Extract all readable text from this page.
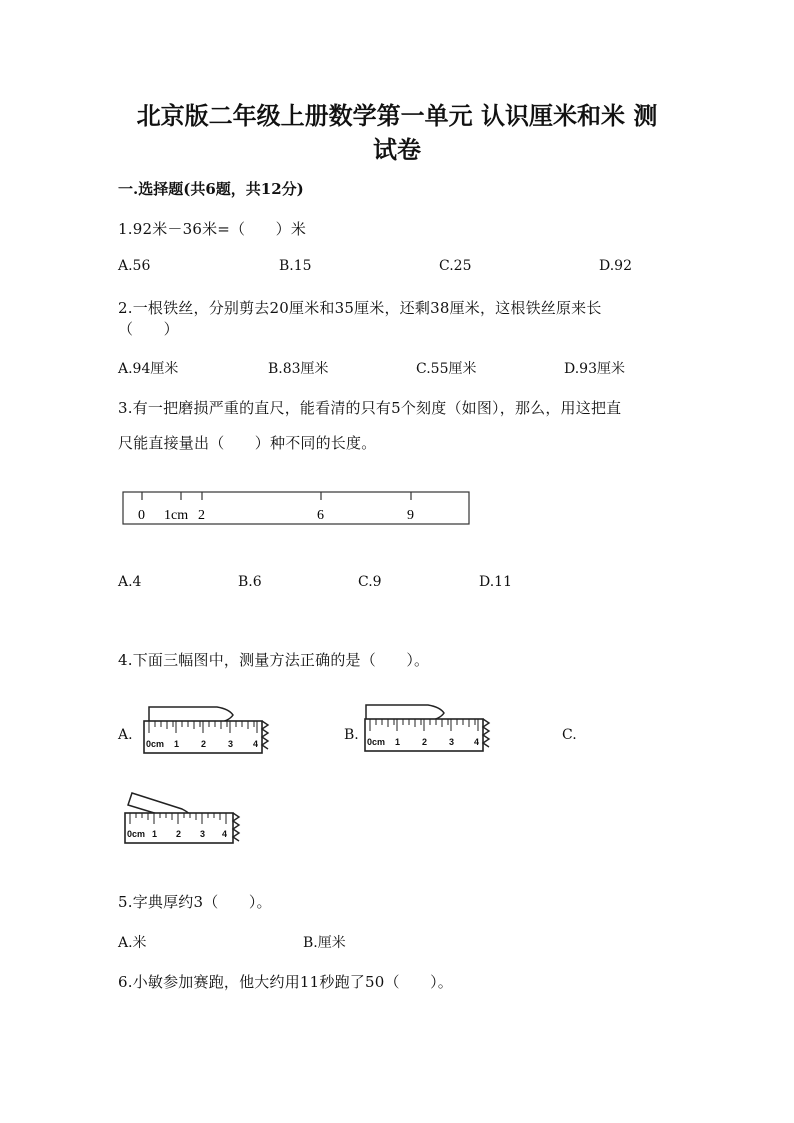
北京版二年级上册数学第一单元 认识厘米和米 测
试卷
一.选择题(共6题，共12分)
1.92米－36米=（　　）米
A.56	B.15	C.25	D.92
2.一根铁丝，分别剪去20厘米和35厘米，还剩38厘米，这根铁丝原来长
（　　）
A.94厘米	B.83厘米	C.55厘米	D.93厘米
3.有一把磨损严重的直尺，能看清的只有5个刻度（如图），那么，用这把直
尺能直接量出（　　）种不同的长度。
0 1cm 2	6	9
A.4	B.6	C.9	D.11
4.下面三幅图中，测量方法正确的是（　　）。
A.	B.	C.
0cm 1 2 3 4	0cm 1 2 3 4
0cm 1 2 3 4
5.字典厚约3（　　）。
A.米	B.厘米
6.小敏参加赛跑，他大约用11秒跑了50（　　）。
